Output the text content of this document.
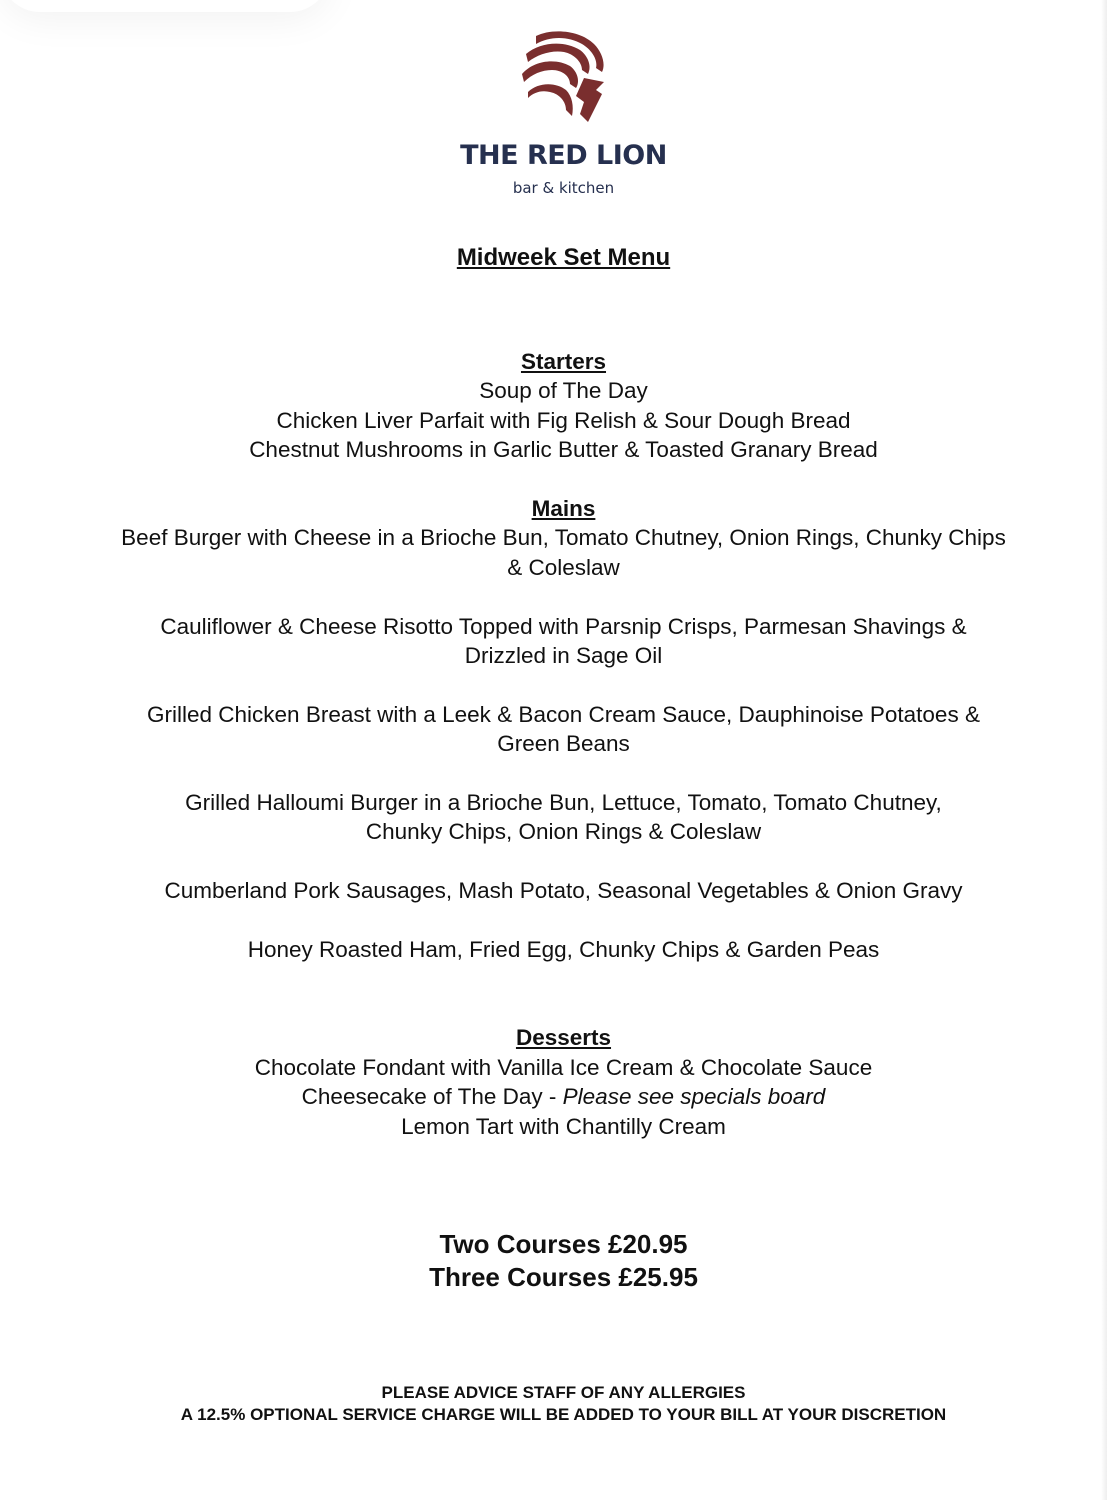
THE RED LION
bar & kitchen

Midweek Set Menu

Starters

Soup of The Day

Chicken Liver Parfait with Fig Relish & Sour Dough Bread

Chestnut Mushrooms in Garlic Butter & Toasted Granary Bread

Mains

Beef Burger with Cheese in a Brioche Bun, Tomato Chutney, Onion Rings, Chunky Chips & Coleslaw

Cauliflower & Cheese Risotto Topped with Parsnip Crisps, Parmesan Shavings & Drizzled in Sage Oil

Grilled Chicken Breast with a Leek & Bacon Cream Sauce, Dauphinoise Potatoes & Green Beans

Grilled Halloumi Burger in a Brioche Bun, Lettuce, Tomato, Tomato Chutney, Chunky Chips, Onion Rings & Coleslaw

Cumberland Pork Sausages, Mash Potato, Seasonal Vegetables & Onion Gravy

Honey Roasted Ham, Fried Egg, Chunky Chips & Garden Peas

Desserts

Chocolate Fondant with Vanilla Ice Cream & Chocolate Sauce

Cheesecake of The Day - Please see specials board

Lemon Tart with Chantilly Cream

Two Courses £20.95
Three Courses £25.95
PLEASE ADVICE STAFF OF ANY ALLERGIES
A 12.5% OPTIONAL SERVICE CHARGE WILL BE ADDED TO YOUR BILL AT YOUR DISCRETION
